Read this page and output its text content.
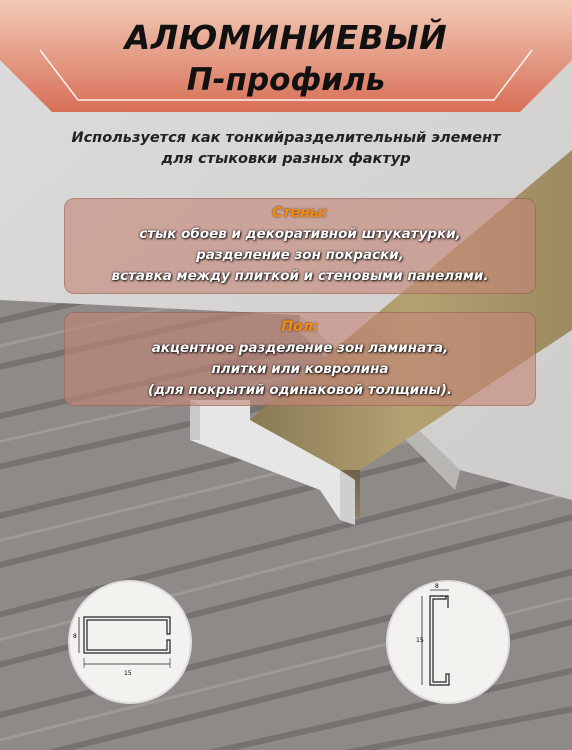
АЛЮМИНИЕВЫЙ
П-профиль
Используется как тонкийразделительный элемент
для стыковки разных фактур
Стены:
стык обоев и декоративной штукатурки,
разделение зон покраски,
вставка между плиткой и стеновыми панелями.
Пол:
акцентное разделение зон ламината,
плитки или ковролина
(для покрытий одинаковой толщины).
8
15
8
15
